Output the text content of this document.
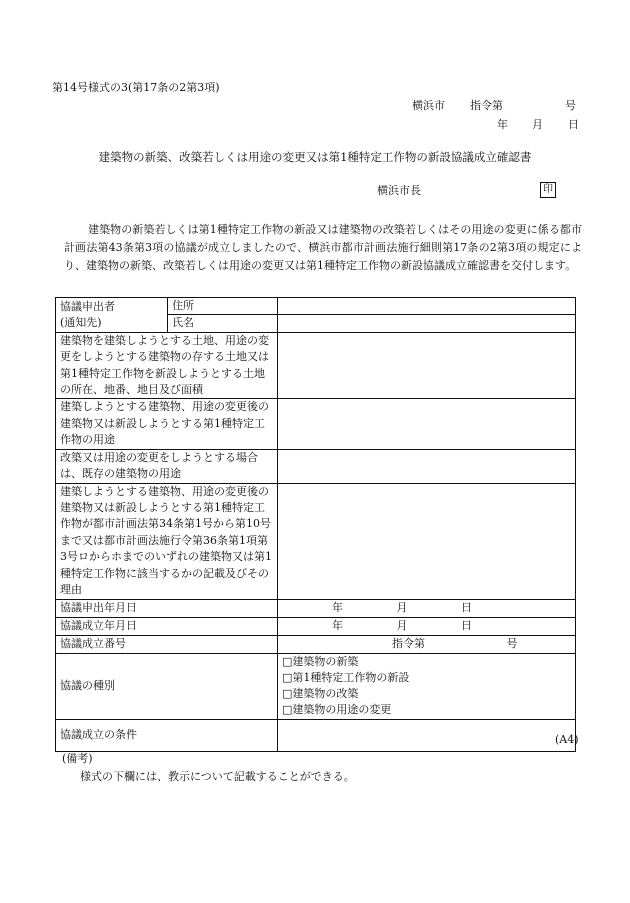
第14号様式の3(第17条の2第3項)
横浜市 指令第	号
年 月 日
建築物の新築、改築若しくは用途の変更又は第1種特定工作物の新設協議成立確認書
横浜市長	印
建築物の新築若しくは第1種特定工作物の新設又は建築物の改築若しくはその用途の変更に係る都市計画法第43条第3項の協議が成立しましたので、横浜市都市計画法施行細則第17条の2第3項の規定により、建築物の新築、改築若しくは用途の変更又は第1種特定工作物の新設協議成立確認書を交付します。
協議申出者
(通知先)	住所	
	氏名	
建築物を建築しようとする土地、用途の変更をしようとする建築物の存する土地又は第1種特定工作物を新設しようとする土地の所在、地番、地目及び面積		
建築しようとする建築物、用途の変更後の建築物又は新設しようとする第1種特定工作物の用途		
改築又は用途の変更をしようとする場合は、既存の建築物の用途		
建築しようとする建築物、用途の変更後の建築物又は新設しようとする第1種特定工作物が都市計画法第34条第1号から第10号まで又は都市計画法施行令第36条第1項第3号ロからホまでのいずれの建築物又は第1種特定工作物に該当するかの記載及びその理由		
協議申出年月日		年 月 日
協議成立年月日		年 月 日
協議成立番号		指令第 号
協議の種別		□建築物の新築
□第1種特定工作物の新設
□建築物の改築
□建築物の用途の変更

協議成立の条件			(A4)
(備考)
様式の下欄には、教示について記載することができる。
